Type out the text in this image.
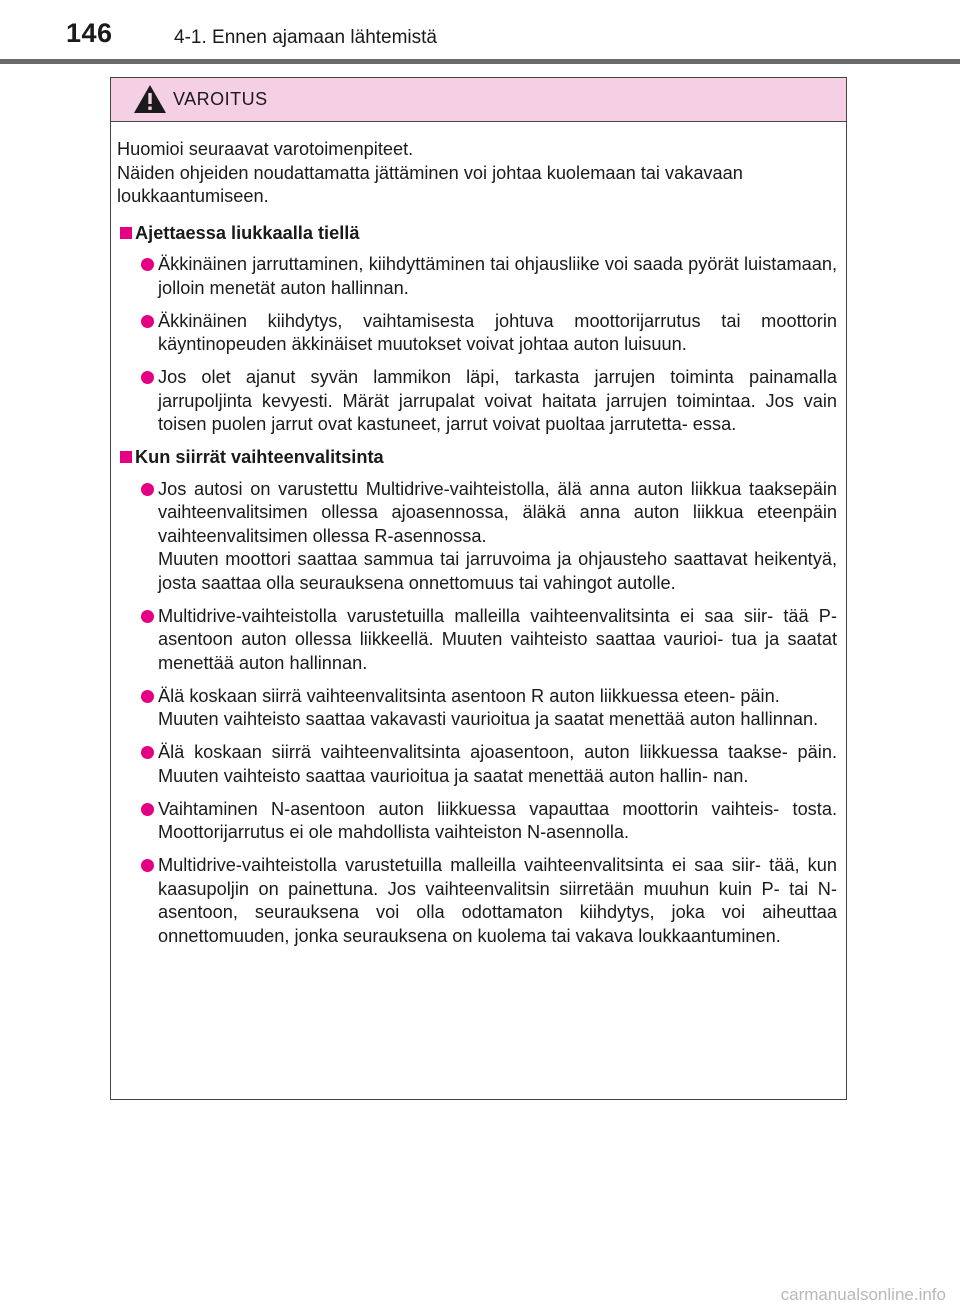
146	4-1. Ennen ajamaan lähtemistä
VAROITUS
Huomioi seuraavat varotoimenpiteet.
Näiden ohjeiden noudattamatta jättäminen voi johtaa kuolemaan tai vakavaan loukkaantumiseen.
Ajettaessa liukkaalla tiellä
Äkkinäinen jarruttaminen, kiihdyttäminen tai ohjausliike voi saada pyörät luistamaan, jolloin menetät auton hallinnan.
Äkkinäinen kiihdytys, vaihtamisesta johtuva moottorijarrutus tai moottorin käyntinopeuden äkkinäiset muutokset voivat johtaa auton luisuun.
Jos olet ajanut syvän lammikon läpi, tarkasta jarrujen toiminta painamalla jarrupoljinta kevyesti. Märät jarrupalat voivat haitata jarrujen toimintaa. Jos vain toisen puolen jarrut ovat kastuneet, jarrut voivat puoltaa jarrutetta- essa.
Kun siirrät vaihteenvalitsinta
Jos autosi on varustettu Multidrive-vaihteistolla, älä anna auton liikkua taaksepäin vaihteenvalitsimen ollessa ajoasennossa, äläkä anna auton liikkua eteenpäin vaihteenvalitsimen ollessa R-asennossa.
Muuten moottori saattaa sammua tai jarruvoima ja ohjausteho saattavat heikentyä, josta saattaa olla seurauksena onnettomuus tai vahingot autolle.
Multidrive-vaihteistolla varustetuilla malleilla vaihteenvalitsinta ei saa siir- tää P-asentoon auton ollessa liikkeellä. Muuten vaihteisto saattaa vaurioi- tua ja saatat menettää auton hallinnan.
Älä koskaan siirrä vaihteenvalitsinta asentoon R auton liikkuessa eteen- päin.
Muuten vaihteisto saattaa vakavasti vaurioitua ja saatat menettää auton hallinnan.
Älä koskaan siirrä vaihteenvalitsinta ajoasentoon, auton liikkuessa taakse- päin. Muuten vaihteisto saattaa vaurioitua ja saatat menettää auton hallin- nan.
Vaihtaminen N-asentoon auton liikkuessa vapauttaa moottorin vaihteis- tosta. Moottorijarrutus ei ole mahdollista vaihteiston N-asennolla.
Multidrive-vaihteistolla varustetuilla malleilla vaihteenvalitsinta ei saa siir- tää, kun kaasupoljin on painettuna. Jos vaihteenvalitsin siirretään muuhun kuin P- tai N-asentoon, seurauksena voi olla odottamaton kiihdytys, joka voi aiheuttaa onnettomuuden, jonka seurauksena on kuolema tai vakava loukkaantuminen.
carmanualsonline.info
